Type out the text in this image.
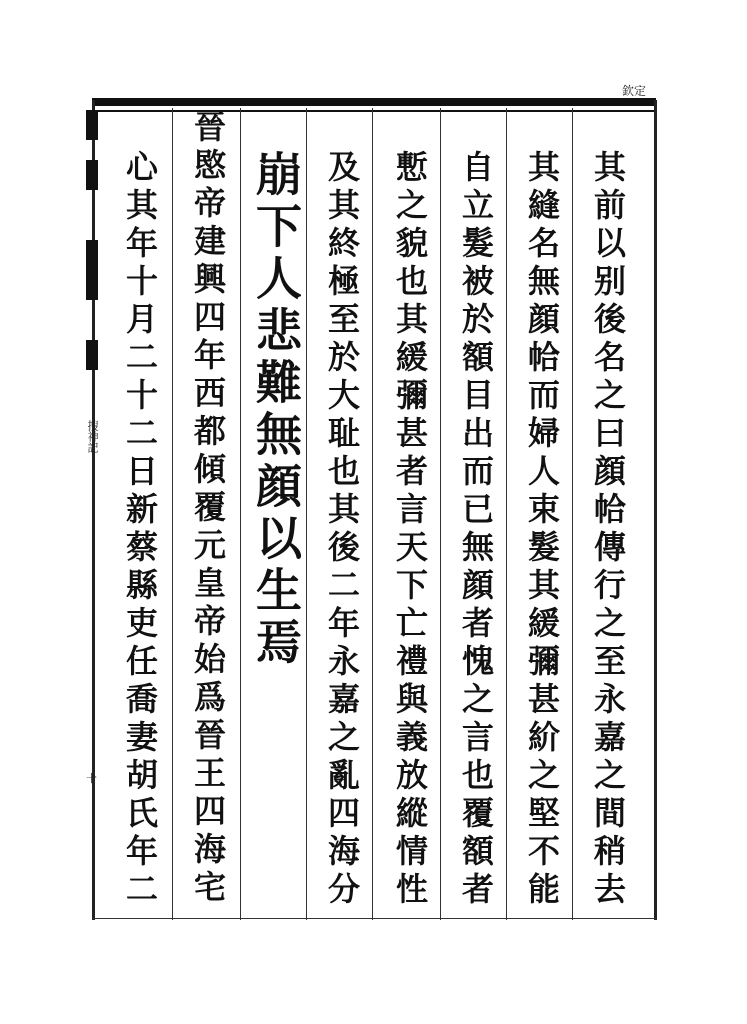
欽定
搜神記
十	其前以别後名之曰顔帢傳行之至永嘉之間稍去
其縫名無顔帢而婦人束髮其緩彌甚紒之堅不能
自立髮被於額目出而已無顔者愧之言也覆額者
慙之貌也其緩彌甚者言天下亡禮與義放縱情性
及其終極至於大耻也其後二年永嘉之亂四海分
崩下人悲難無顔以生焉
晉愍帝建興四年西都傾覆元皇帝始爲晉王四海宅
心其年十月二十二日新蔡縣吏任喬妻胡氏年二
